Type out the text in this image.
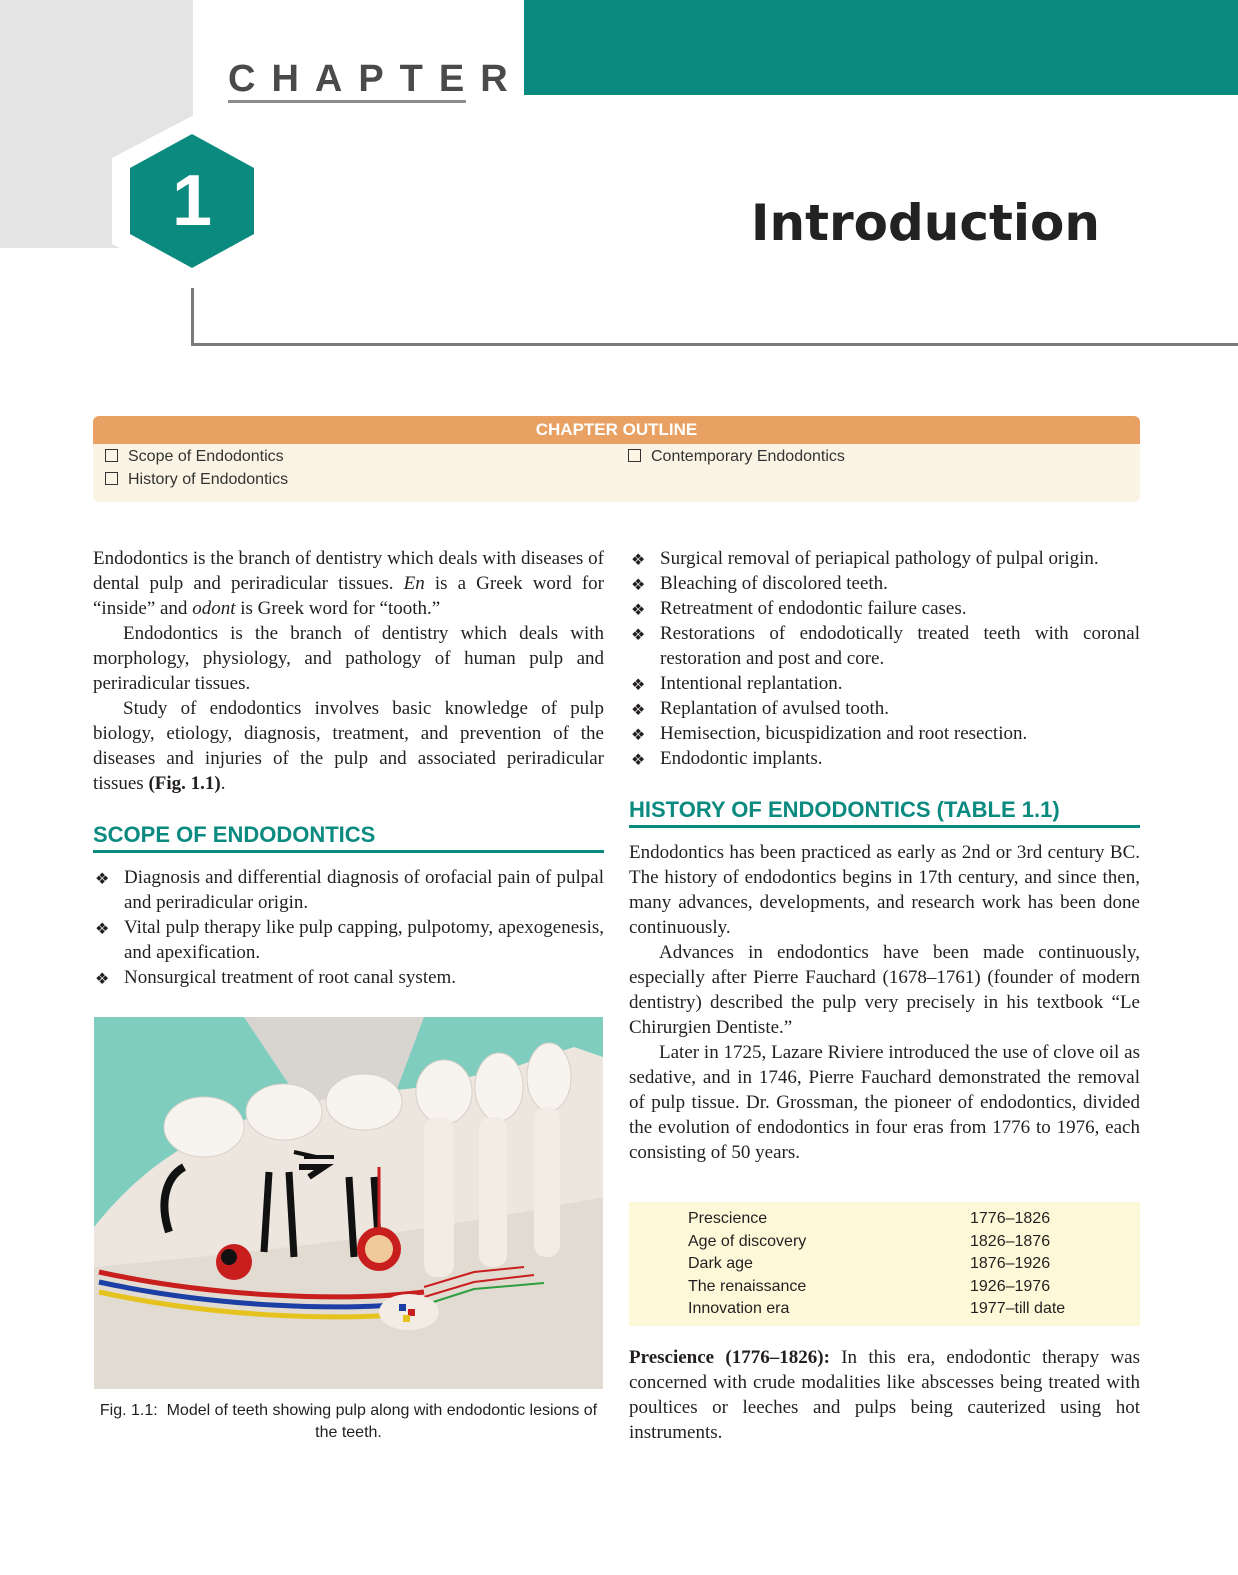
CHAPTER
1	Introduction
CHAPTER OUTLINE
Scope of Endodontics
History of Endodontics
Contemporary Endodontics

Endodontics is the branch of dentistry which deals with diseases of dental pulp and periradicular tissues. En is a Greek word for “inside” and odont is Greek word for “tooth.”

Endodontics is the branch of dentistry which deals with morphology, physiology, and pathology of human pulp and periradicular tissues.

Study of endodontics involves basic knowledge of pulp biology, etiology, diagnosis, treatment, and prevention of the diseases and injuries of the pulp and associated periradicular tissues (Fig. 1.1).

SCOPE OF ENDODONTICS
❖ Diagnosis and differential diagnosis of orofacial pain of pulpal and periradicular origin.
❖ Vital pulp therapy like pulp capping, pulpotomy, apexogenesis, and apexification.
❖ Nonsurgical treatment of root canal system.
Fig. 1.1: Model of teeth showing pulp along with endodontic lesions of the teeth.
❖ Surgical removal of periapical pathology of pulpal origin.
❖ Bleaching of discolored teeth.
❖ Retreatment of endodontic failure cases.
❖ Restorations of endodotically treated teeth with coronal restoration and post and core.
❖ Intentional replantation.
❖ Replantation of avulsed tooth.
❖ Hemisection, bicuspidization and root resection.
❖ Endodontic implants.
HISTORY OF ENDODONTICS (TABLE 1.1)

Endodontics has been practiced as early as 2nd or 3rd century BC. The history of endodontics begins in 17th century, and since then, many advances, developments, and research work has been done continuously.

Advances in endodontics have been made continuously, especially after Pierre Fauchard (1678–1761) (founder of modern dentistry) described the pulp very precisely in his textbook “Le Chirurgien Dentiste.”

Later in 1725, Lazare Riviere introduced the use of clove oil as sedative, and in 1746, Pierre Fauchard demonstrated the removal of pulp tissue. Dr. Grossman, the pioneer of endodontics, divided the evolution of endodontics in four eras from 1776 to 1976, each consisting of 50 years.

Prescience	1776–1826
Age of discovery	1826–1876
Dark age	1876–1926
The renaissance	1926–1976
Innovation era	1977–till date

Prescience (1776–1826): In this era, endodontic therapy was concerned with crude modalities like abscesses being treated with poultices or leeches and pulps being cauterized using hot instruments.
